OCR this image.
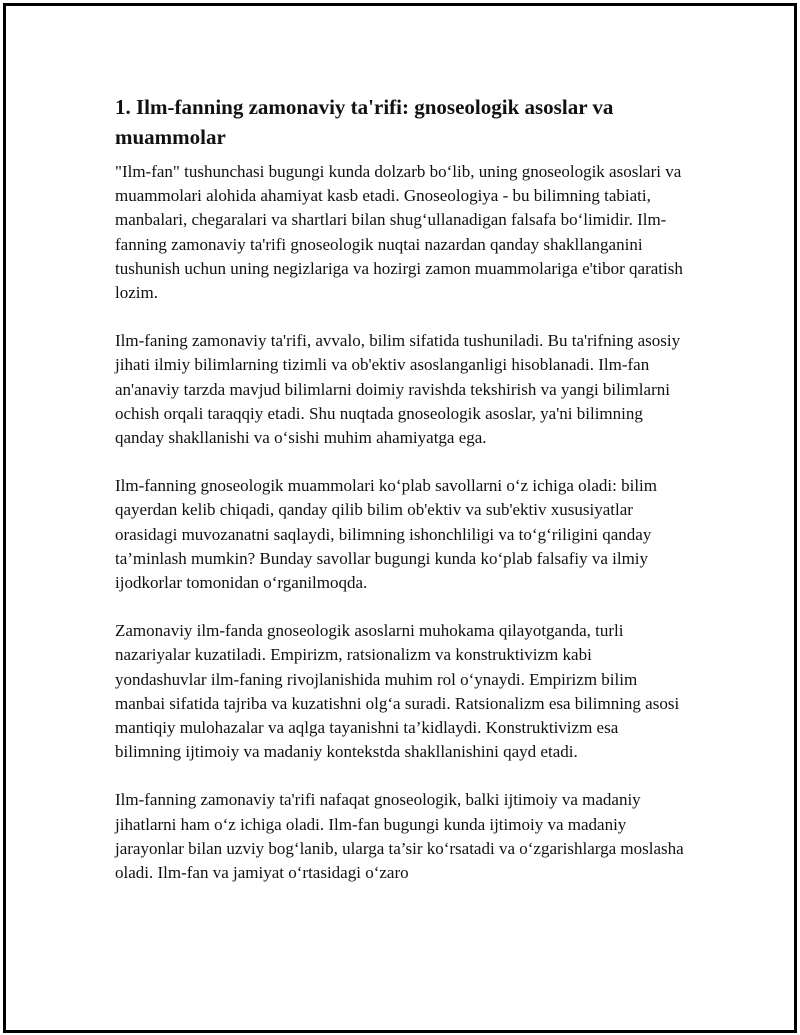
1. Ilm-fanning zamonaviy ta'rifi: gnoseologik asoslar va muammolar

"Ilm-fan" tushunchasi bugungi kunda dolzarb bo‘lib, uning gnoseologik asoslari va muammolari alohida ahamiyat kasb etadi. Gnoseologiya - bu bilimning tabiati, manbalari, chegaralari va shartlari bilan shug‘ullanadigan falsafa bo‘limidir. Ilm-fanning zamonaviy ta'rifi gnoseologik nuqtai nazardan qanday shakllanganini tushunish uchun uning negizlariga va hozirgi zamon muammolariga e'tibor qaratish lozim.

Ilm-faning zamonaviy ta'rifi, avvalo, bilim sifatida tushuniladi. Bu ta'rifning asosiy jihati ilmiy bilimlarning tizimli va ob'ektiv asoslanganligi hisoblanadi. Ilm-fan an'anaviy tarzda mavjud bilimlarni doimiy ravishda tekshirish va yangi bilimlarni ochish orqali taraqqiy etadi. Shu nuqtada gnoseologik asoslar, ya'ni bilimning qanday shakllanishi va o‘sishi muhim ahamiyatga ega.

Ilm-fanning gnoseologik muammolari ko‘plab savollarni o‘z ichiga oladi: bilim qayerdan kelib chiqadi, qanday qilib bilim ob'ektiv va sub'ektiv xususiyatlar orasidagi muvozanatni saqlaydi, bilimning ishonchliligi va to‘g‘riligini qanday ta’minlash mumkin? Bunday savollar bugungi kunda ko‘plab falsafiy va ilmiy ijodkorlar tomonidan o‘rganilmoqda.

Zamonaviy ilm-fanda gnoseologik asoslarni muhokama qilayotganda, turli nazariyalar kuzatiladi. Empirizm, ratsionalizm va konstruktivizm kabi yondashuvlar ilm-faning rivojlanishida muhim rol o‘ynaydi. Empirizm bilim manbai sifatida tajriba va kuzatishni olg‘a suradi. Ratsionalizm esa bilimning asosi mantiqiy mulohazalar va aqlga tayanishni ta’kidlaydi. Konstruktivizm esa bilimning ijtimoiy va madaniy kontekstda shakllanishini qayd etadi.

Ilm-fanning zamonaviy ta'rifi nafaqat gnoseologik, balki ijtimoiy va madaniy jihatlarni ham o‘z ichiga oladi. Ilm-fan bugungi kunda ijtimoiy va madaniy jarayonlar bilan uzviy bog‘lanib, ularga ta’sir ko‘rsatadi va o‘zgarishlarga moslasha oladi. Ilm-fan va jamiyat o‘rtasidagi o‘zaro
